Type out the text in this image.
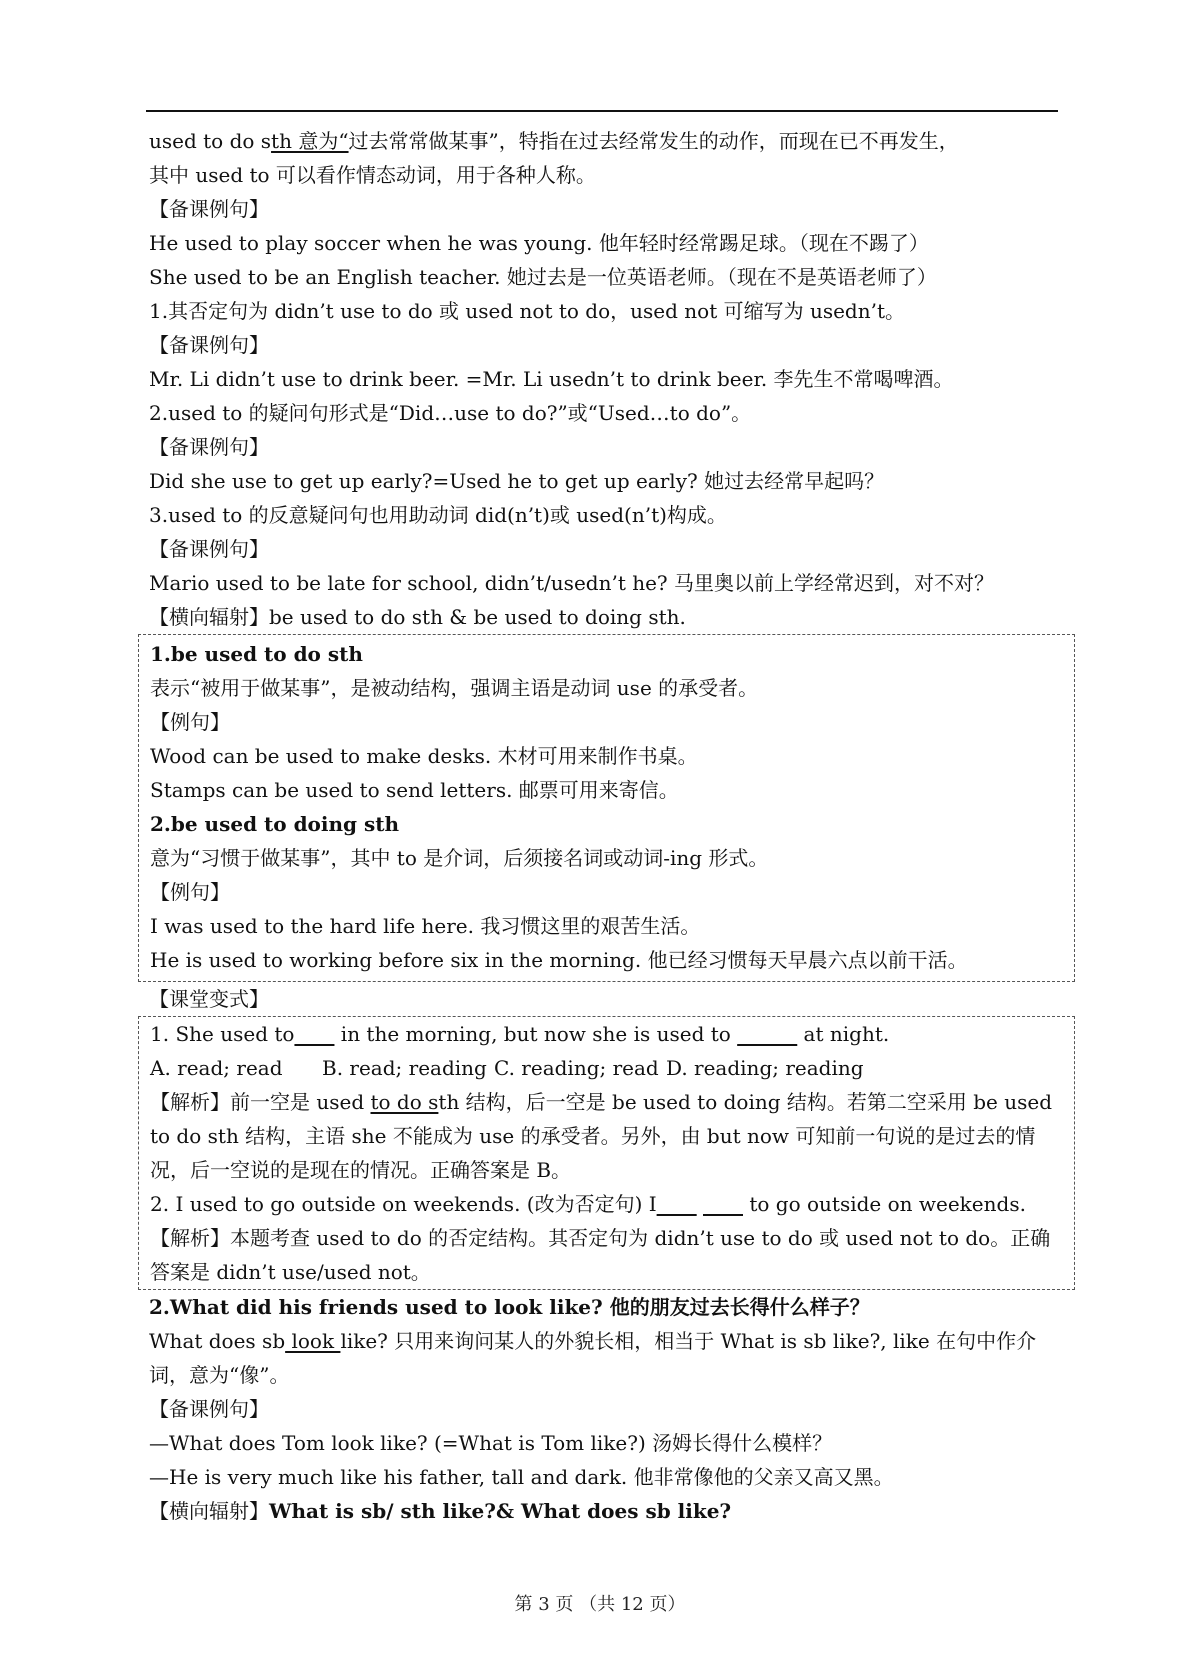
used to do sth 意为“过去常常做某事”，特指在过去经常发生的动作，而现在已不再发生，
其中 used to 可以看作情态动词，用于各种人称。
【备课例句】
He used to play soccer when he was young. 他年轻时经常踢足球。（现在不踢了）
She used to be an English teacher. 她过去是一位英语老师。（现在不是英语老师了）
1.其否定句为 didn’t use to do 或 used not to do，used not 可缩写为 usedn’t。
【备课例句】
Mr. Li didn’t use to drink beer. =Mr. Li usedn’t to drink beer. 李先生不常喝啤酒。
2.used to 的疑问句形式是“Did…use to do?”或“Used…to do”。
【备课例句】
Did she use to get up early?=Used he to get up early? 她过去经常早起吗？
3.used to 的反意疑问句也用助动词 did(n’t)或 used(n’t)构成。
【备课例句】
Mario used to be late for school, didn’t/usedn’t he? 马里奥以前上学经常迟到，对不对？
【横向辐射】be used to do sth & be used to doing sth.
1.be used to do sth
表示“被用于做某事”，是被动结构，强调主语是动词 use 的承受者。
【例句】
Wood can be used to make desks. 木材可用来制作书桌。
Stamps can be used to send letters. 邮票可用来寄信。
2.be used to doing sth
意为“习惯于做某事”，其中 to 是介词，后须接名词或动词-ing 形式。
【例句】
I was used to the hard life here. 我习惯这里的艰苦生活。
He is used to working before six in the morning. 他已经习惯每天早晨六点以前干活。
【课堂变式】
1. She used to____ in the morning, but now she is used to ______ at night.
A. read; read B. read; reading C. reading; read D. reading; reading
【解析】前一空是 used to do sth 结构，后一空是 be used to doing 结构。若第二空采用 be used to do sth 结构，主语 she 不能成为 use 的承受者。另外，由 but now 可知前一句说的是过去的情况，后一空说的是现在的情况。正确答案是 B。
2. I used to go outside on weekends. (改为否定句) I____ ____ to go outside on weekends.
【解析】本题考查 used to do 的否定结构。其否定句为 didn’t use to do 或 used not to do。正确答案是 didn’t use/used not。
2.What did his friends used to look like? 他的朋友过去长得什么样子？
What does sb look like? 只用来询问某人的外貌长相，相当于 What is sb like?, like 在句中作介词，意为“像”。
【备课例句】
—What does Tom look like? (=What is Tom like?) 汤姆长得什么模样？
—He is very much like his father, tall and dark. 他非常像他的父亲又高又黑。
【横向辐射】What is sb/ sth like?& What does sb like?
第 3 页 （共 12 页）
